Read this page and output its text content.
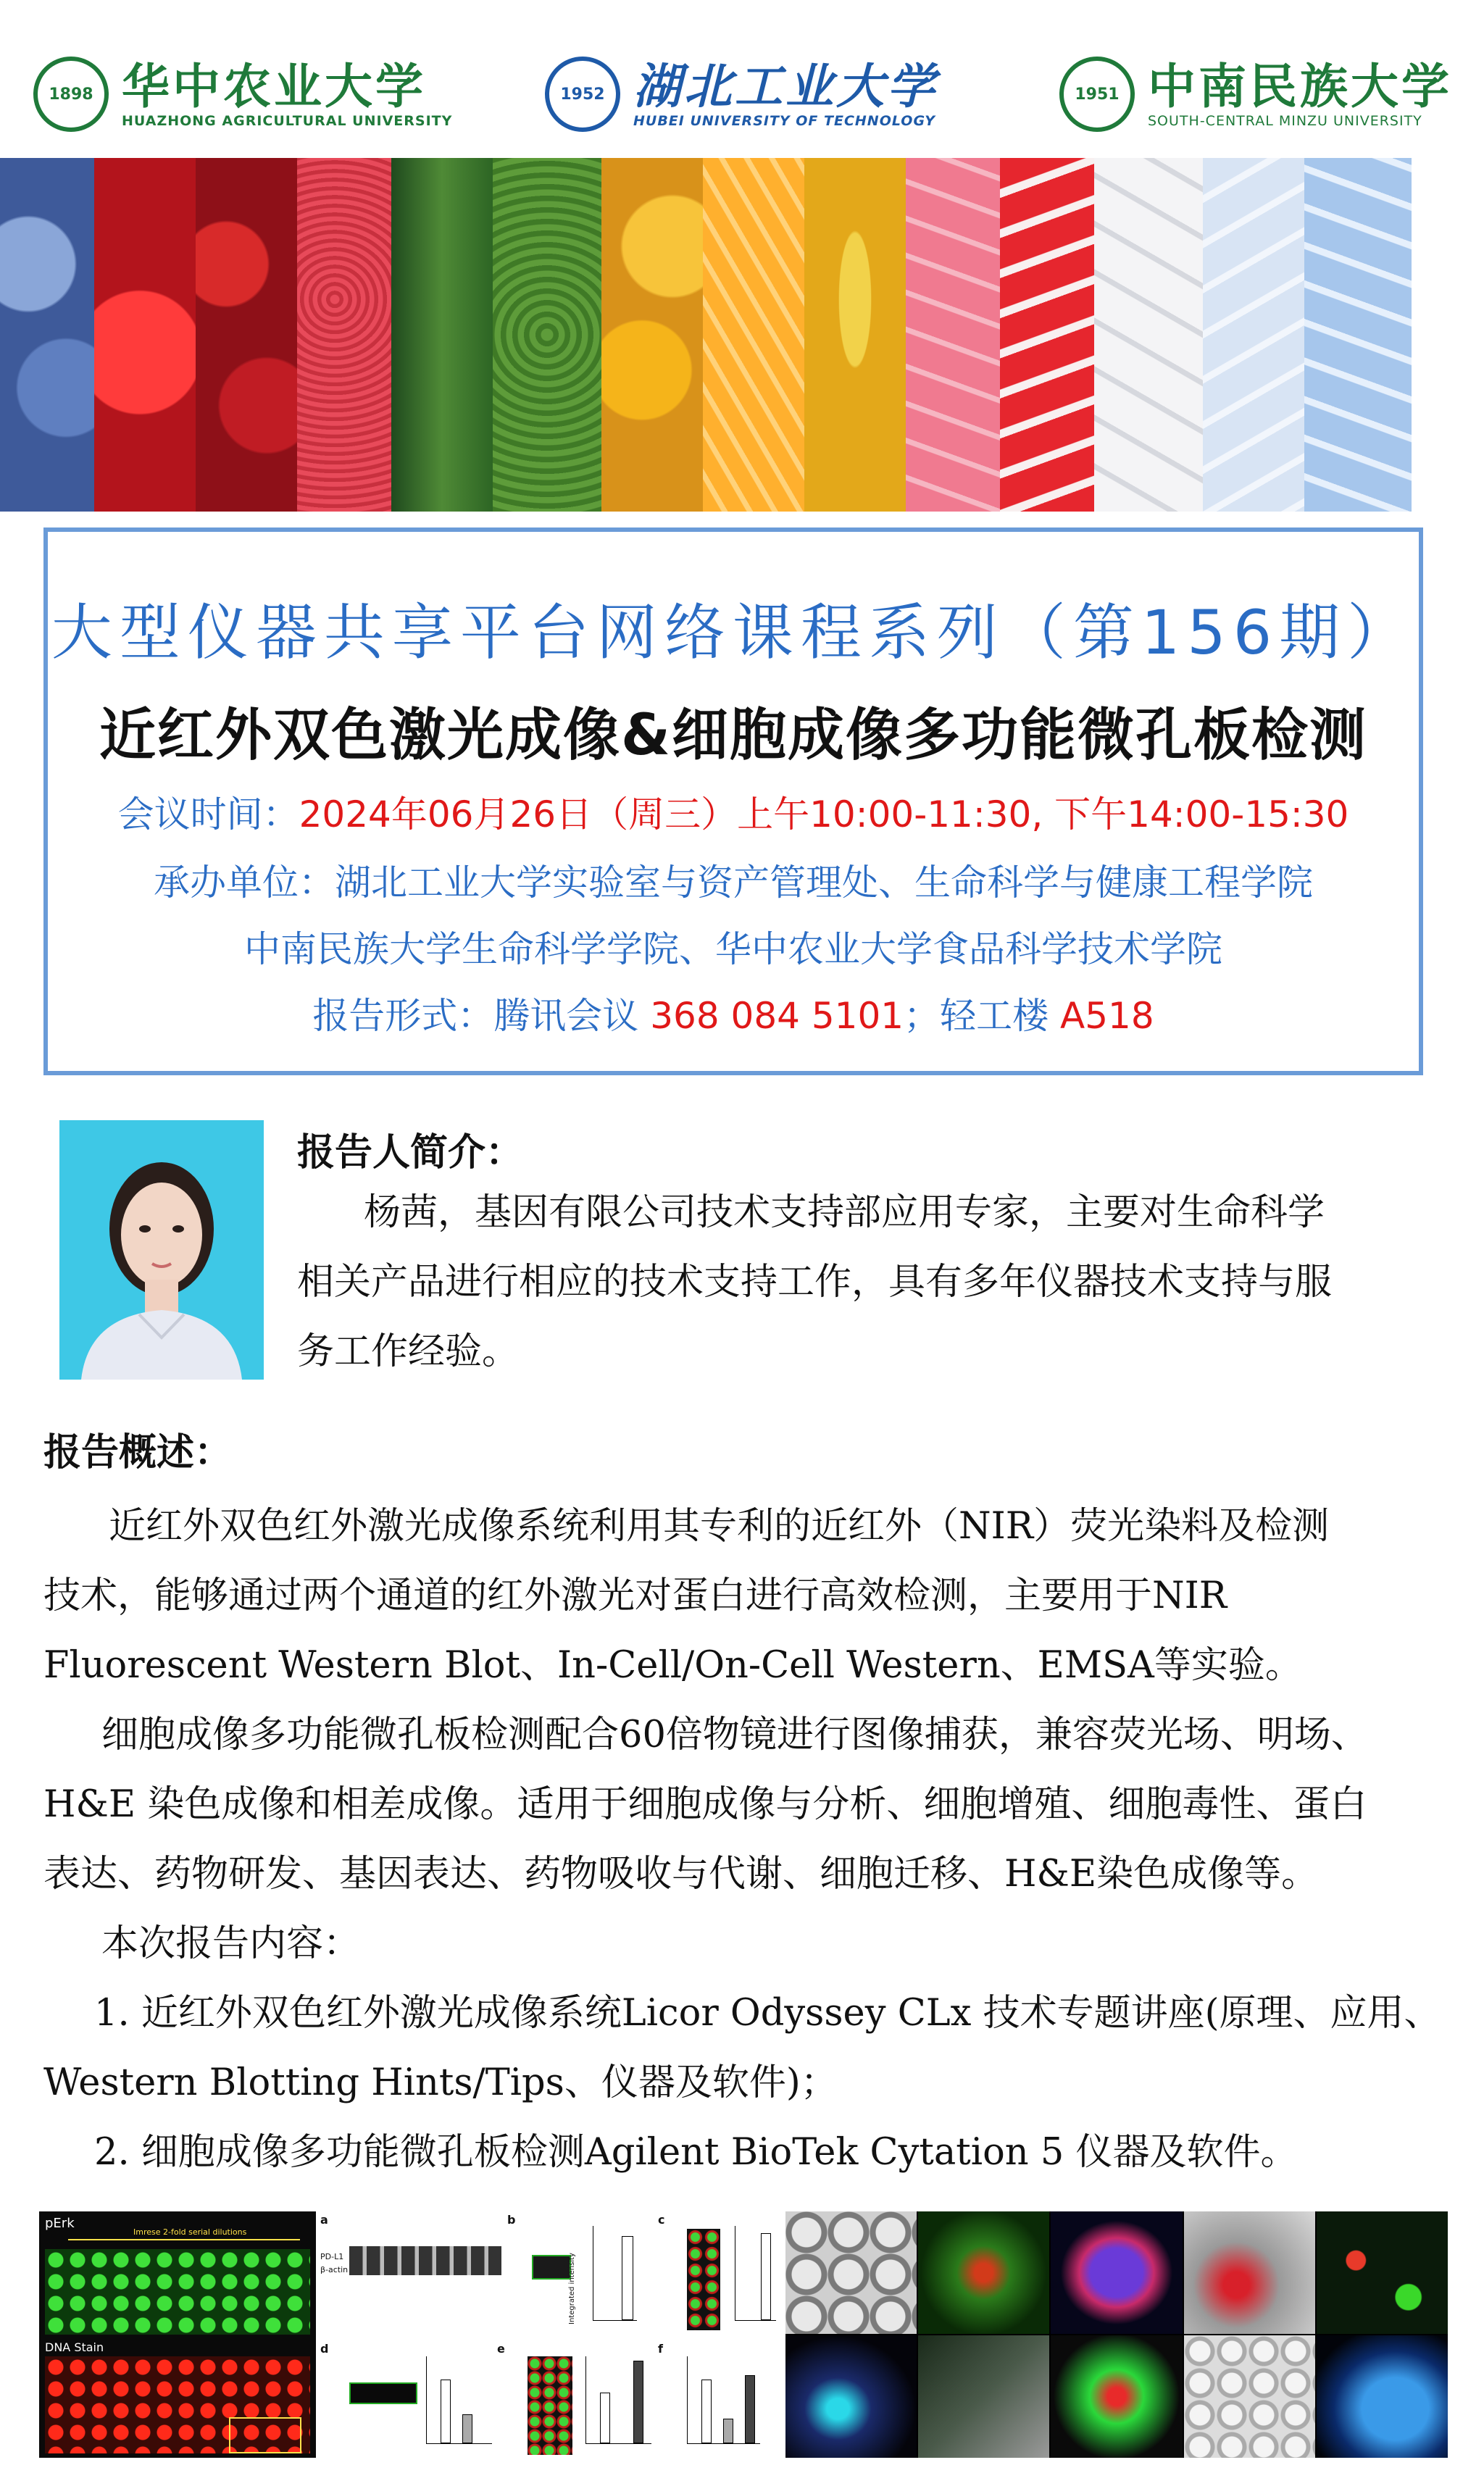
1898 华中农业大学
HUAZHONG AGRICULTURAL UNIVERSITY
1952 湖北工业大学
HUBEI UNIVERSITY OF TECHNOLOGY
1951 中南民族大学
SOUTH-CENTRAL MINZU UNIVERSITY
大型仪器共享平台网络课程系列（第156期）
近红外双色激光成像&细胞成像多功能微孔板检测
会议时间：2024年06月26日（周三）上午10:00-11:30, 下午14:00-15:30
承办单位：湖北工业大学实验室与资产管理处、生命科学与健康工程学院
中南民族大学生命科学学院、华中农业大学食品科学技术学院
报告形式：腾讯会议 368 084 5101；轻工楼 A518
报告人简介：
杨茜，基因有限公司技术支持部应用专家，主要对生命科学
相关产品进行相应的技术支持工作，具有多年仪器技术支持与服
务工作经验。
报告概述：
近红外双色红外激光成像系统利用其专利的近红外（NIR）荧光染料及检测
技术，能够通过两个通道的红外激光对蛋白进行高效检测，主要用于NIR
Fluorescent Western Blot、In-Cell/On-Cell Western、EMSA等实验。
细胞成像多功能微孔板检测配合60倍物镜进行图像捕获，兼容荧光场、明场、
H&E 染色成像和相差成像。适用于细胞成像与分析、细胞增殖、细胞毒性、蛋白
表达、药物研发、基因表达、药物吸收与代谢、细胞迁移、H&E染色成像等。
本次报告内容：
1. 近红外双色红外激光成像系统Licor Odyssey CLx 技术专题讲座(原理、应用、
Western Blotting Hints/Tips、仪器及软件)；
2. 细胞成像多功能微孔板检测Agilent BioTek Cytation 5 仪器及软件。
pErk
Imrese 2-fold serial dilutions
DNA Stain
a	b	c
d	e	f
PD-L1
β-actin	Integrated intensity
